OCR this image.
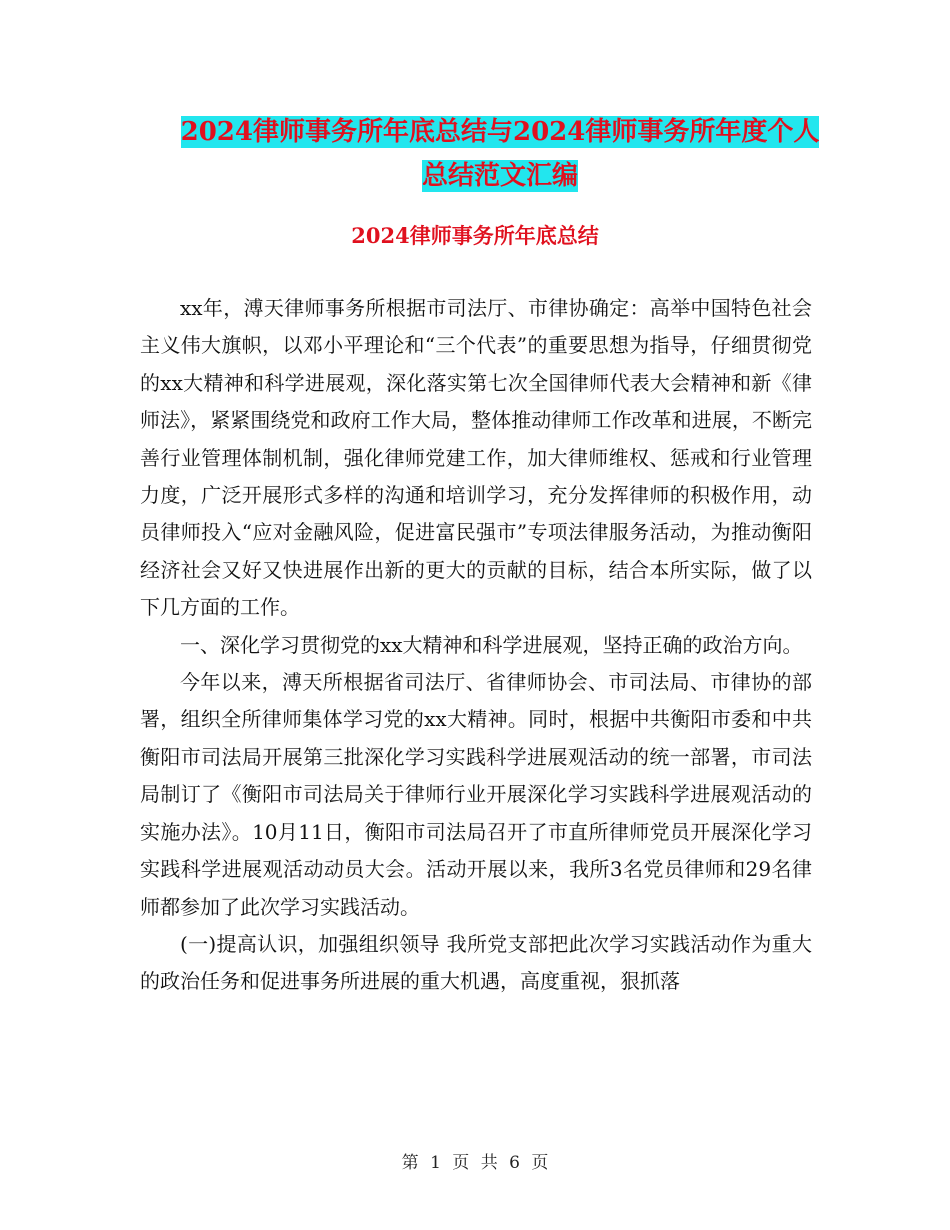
2024律师事务所年底总结与2024律师事务所年度个人
总结范文汇编
2024律师事务所年底总结

xx年，溥天律师事务所根据市司法厅、市律协确定：高举中国特色社会主义伟大旗帜，以邓小平理论和“三个代表”的重要思想为指导，仔细贯彻党的xx大精神和科学进展观，深化落实第七次全国律师代表大会精神和新《律师法》，紧紧围绕党和政府工作大局，整体推动律师工作改革和进展，不断完善行业管理体制机制，强化律师党建工作，加大律师维权、惩戒和行业管理力度，广泛开展形式多样的沟通和培训学习，充分发挥律师的积极作用，动员律师投入“应对金融风险，促进富民强市”专项法律服务活动，为推动衡阳经济社会又好又快进展作出新的更大的贡献的目标，结合本所实际，做了以下几方面的工作。

一、深化学习贯彻党的xx大精神和科学进展观，坚持正确的政治方向。

今年以来，溥天所根据省司法厅、省律师协会、市司法局、市律协的部署，组织全所律师集体学习党的xx大精神。同时，根据中共衡阳市委和中共衡阳市司法局开展第三批深化学习实践科学进展观活动的统一部署，市司法局制订了《衡阳市司法局关于律师行业开展深化学习实践科学进展观活动的实施办法》。10月11日，衡阳市司法局召开了市直所律师党员开展深化学习实践科学进展观活动动员大会。活动开展以来，我所3名党员律师和29名律师都参加了此次学习实践活动。

(一)提高认识，加强组织领导 我所党支部把此次学习实践活动作为重大的政治任务和促进事务所进展的重大机遇，高度重视，狠抓落

第 1 页 共 6 页
